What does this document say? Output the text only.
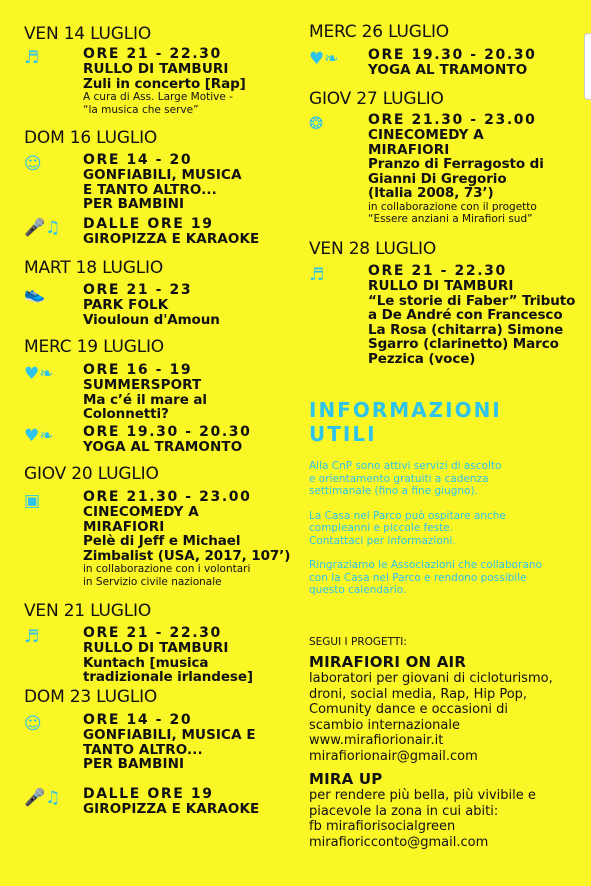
VEN 14 LUGLIO
♬	ORE 21 - 22.30
RULLO DI TAMBURI
Zuli in concerto [Rap]
A cura di Ass. Large Motive -
“la musica che serve”
DOM 16 LUGLIO
☺	ORE 14 - 20
GONFIABILI, MUSICA
E TANTO ALTRO...
PER BAMBINI
🎤♫	DALLE ORE 19
GIROPIZZA E KARAOKE
MART 18 LUGLIO
👟	ORE 21 - 23
PARK FOLK
Viouloun d'Amoun
MERC 19 LUGLIO
♥❧	ORE 16 - 19
SUMMERSPORT
Ma c’é il mare al
Colonnetti?
♥❧	ORE 19.30 - 20.30
YOGA AL TRAMONTO
GIOV 20 LUGLIO
▣	ORE 21.30 - 23.00
CINECOMEDY A
MIRAFIORI
Pelè di Jeff e Michael
Zimbalist (USA, 2017, 107’)
in collaborazione con i volontari
in Servizio civile nazionale
VEN 21 LUGLIO
♬	ORE 21 - 22.30
RULLO DI TAMBURI
Kuntach [musica
tradizionale irlandese]
DOM 23 LUGLIO
☺	ORE 14 - 20
GONFIABILI, MUSICA E
TANTO ALTRO...
PER BAMBINI
🎤♫	DALLE ORE 19
GIROPIZZA E KARAOKE
MERC 26 LUGLIO
♥❧	ORE 19.30 - 20.30
YOGA AL TRAMONTO
GIOV 27 LUGLIO
❂	ORE 21.30 - 23.00
CINECOMEDY A
MIRAFIORI
Pranzo di Ferragosto di
Gianni Di Gregorio
(Italia 2008, 73’)
in collaborazione con il progetto
“Essere anziani a Mirafiori sud”
VEN 28 LUGLIO
♬	ORE 21 - 22.30
RULLO DI TAMBURI
“Le storie di Faber” Tributo
a De André con Francesco
La Rosa (chitarra) Simone
Sgarro (clarinetto) Marco
Pezzica (voce)
INFORMAZIONI
UTILI

Alla CnP sono attivi servizi di ascolto
e orientamento gratuiti a cadenza
settimanale (fino a fine giugno).

La Casa nel Parco può ospitare anche
compleanni e piccole feste.
Contattaci per informazioni.

Ringraziamo le Associazioni che collaborano
con la Casa nel Parco e rendono possibile
questo calendario.

SEGUI I PROGETTI:
MIRAFIORI ON AIR
laboratori per giovani di cicloturismo,
droni, social media, Rap, Hip Pop,
Comunity dance e occasioni di
scambio internazionale
www.mirafiorionair.it
mirafiorionair@gmail.com
MIRA UP
per rendere più bella, più vivibile e
piacevole la zona in cui abiti:
fb mirafiorisocialgreen
mirafioricconto@gmail.com
